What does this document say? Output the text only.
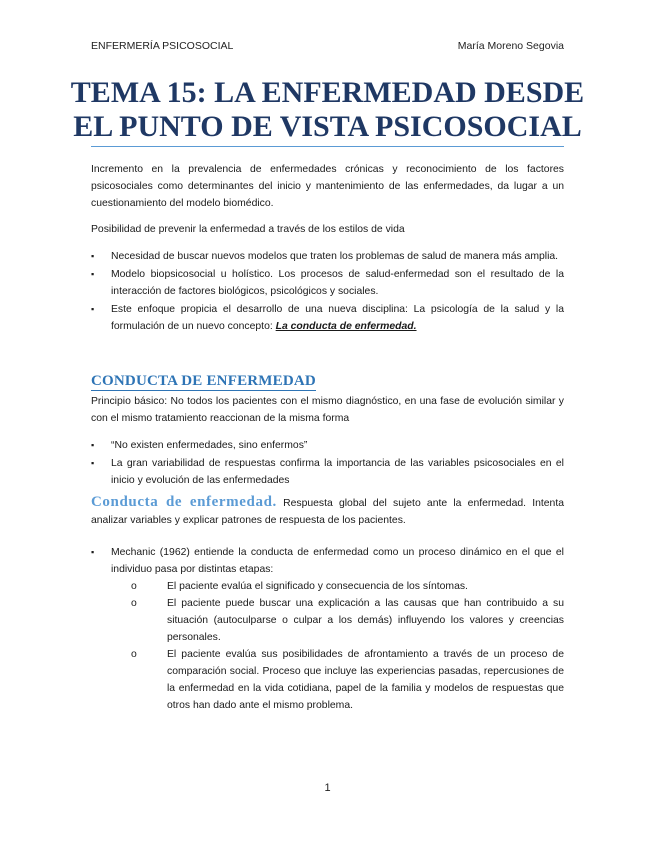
ENFERMERÍA PSICOSOCIAL	María Moreno Segovia
TEMA 15: LA ENFERMEDAD DESDE
EL PUNTO DE VISTA PSICOSOCIAL

Incremento en la prevalencia de enfermedades crónicas y reconocimiento de los factores psicosociales como determinantes del inicio y mantenimiento de las enfermedades, da lugar a un cuestionamiento del modelo biomédico.

Posibilidad de prevenir la enfermedad a través de los estilos de vida

▪ Necesidad de buscar nuevos modelos que traten los problemas de salud de manera más amplia.
▪ Modelo biopsicosocial u holístico. Los procesos de salud-enfermedad son el resultado de la interacción de factores biológicos, psicológicos y sociales.
▪ Este enfoque propicia el desarrollo de una nueva disciplina: La psicología de la salud y la formulación de un nuevo concepto: La conducta de enfermedad.
CONDUCTA DE ENFERMEDAD

Principio básico: No todos los pacientes con el mismo diagnóstico, en una fase de evolución similar y con el mismo tratamiento reaccionan de la misma forma

▪ “No existen enfermedades, sino enfermos”
▪ La gran variabilidad de respuestas confirma la importancia de las variables psicosociales en el inicio y evolución de las enfermedades

Conducta de enfermedad. Respuesta global del sujeto ante la enfermedad. Intenta analizar variables y explicar patrones de respuesta de los pacientes.

▪ Mechanic (1962) entiende la conducta de enfermedad como un proceso dinámico en el que el individuo pasa por distintas etapas:
o El paciente evalúa el significado y consecuencia de los síntomas.
o El paciente puede buscar una explicación a las causas que han contribuido a su situación (autoculparse o culpar a los demás) influyendo los valores y creencias personales.
o El paciente evalúa sus posibilidades de afrontamiento a través de un proceso de comparación social. Proceso que incluye las experiencias pasadas, repercusiones de la enfermedad en la vida cotidiana, papel de la familia y modelos de respuestas que otros han dado ante el mismo problema.
1
